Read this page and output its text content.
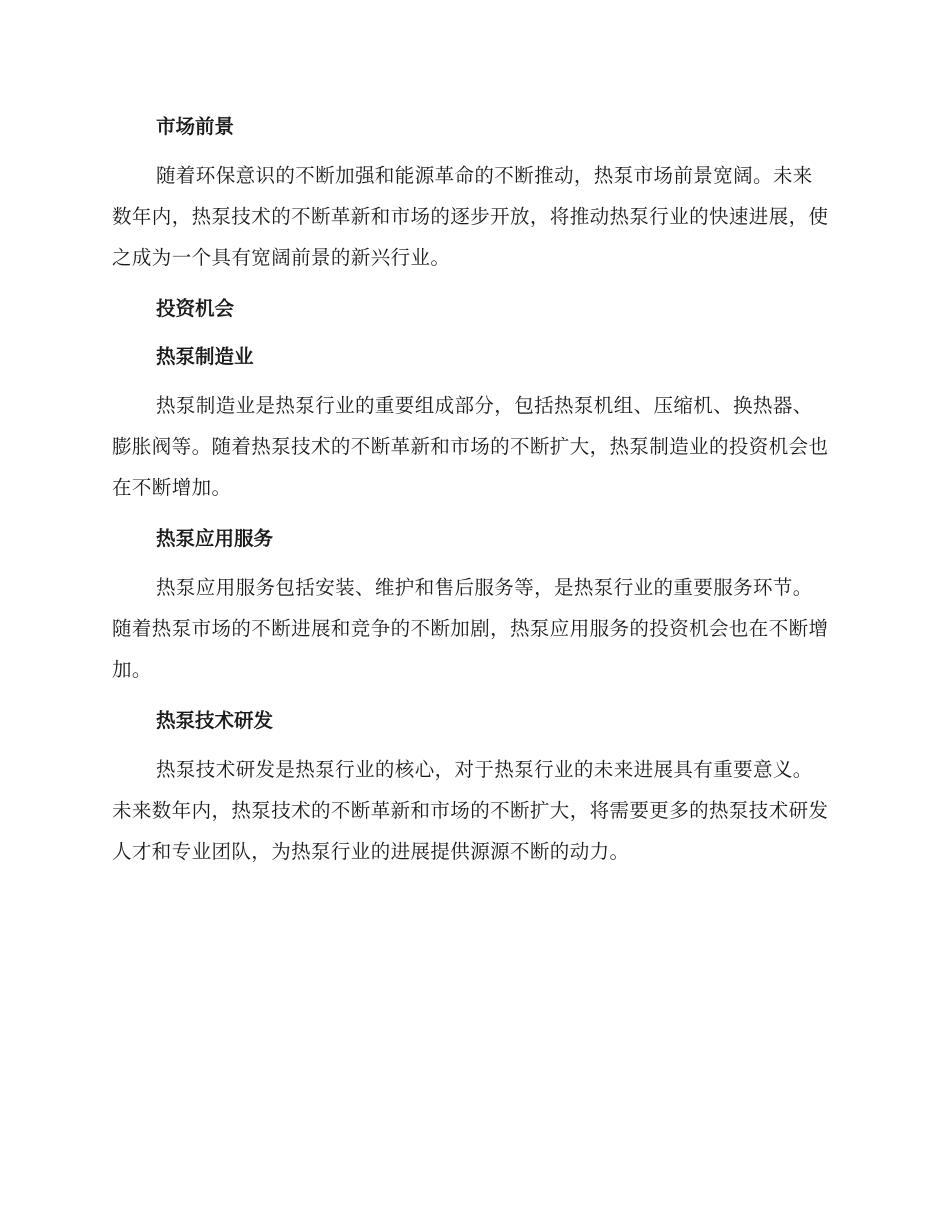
市场前景

随着环保意识的不断加强和能源革命的不断推动，热泵市场前景宽阔。未来数年内，热泵技术的不断革新和市场的逐步开放，将推动热泵行业的快速进展，使之成为一个具有宽阔前景的新兴行业。

投资机会

热泵制造业

热泵制造业是热泵行业的重要组成部分，包括热泵机组、压缩机、换热器、膨胀阀等。随着热泵技术的不断革新和市场的不断扩大，热泵制造业的投资机会也在不断增加。

热泵应用服务

热泵应用服务包括安装、维护和售后服务等，是热泵行业的重要服务环节。随着热泵市场的不断进展和竞争的不断加剧，热泵应用服务的投资机会也在不断增加。

热泵技术研发

热泵技术研发是热泵行业的核心，对于热泵行业的未来进展具有重要意义。未来数年内，热泵技术的不断革新和市场的不断扩大，将需要更多的热泵技术研发人才和专业团队，为热泵行业的进展提供源源不断的动力。
